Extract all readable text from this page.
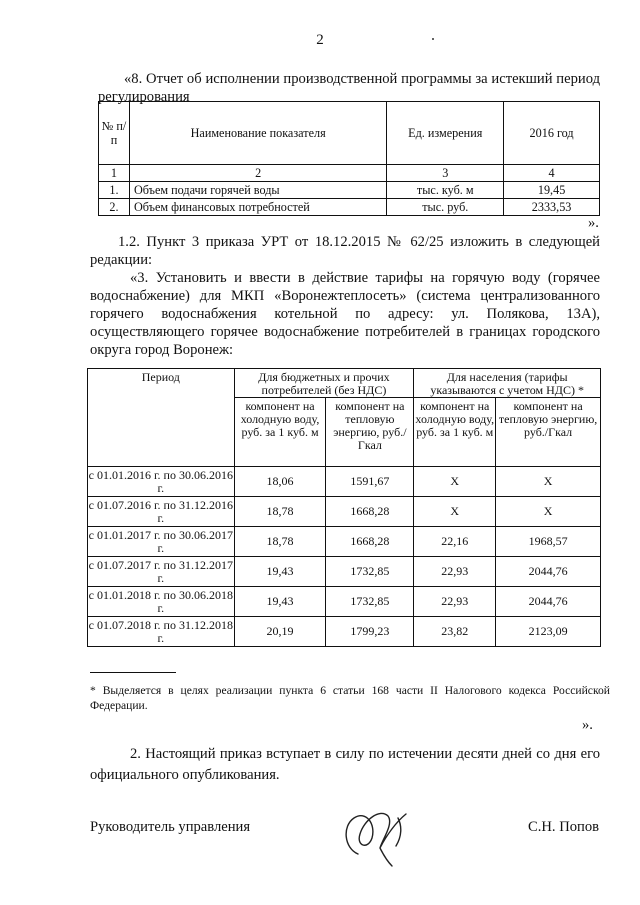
2
«8. Отчет об исполнении производственной программы за истекший период регулирования
№ п/п	Наименование показателя	Ед. измерения	2016 год
1	2	3	4
1.	Объем подачи горячей воды	тыс. куб. м	19,45
2.	Объем финансовых потребностей	тыс. руб.	2333,53
».
1.2. Пункт 3 приказа УРТ от 18.12.2015 № 62/25 изложить в следующей редакции:
«3. Установить и ввести в действие тарифы на горячую воду (горячее водоснабжение) для МКП «Воронежтеплосеть» (система централизованного горячего водоснабжения котельной по адресу: ул. Полякова, 13А), осуществляющего горячее водоснабжение потребителей в границах городского округа город Воронеж:
Период	Для бюджетных и прочих потребителей (без НДС)		Для населения (тарифы указываются с учетом НДС) *	
	компонент на холодную воду, руб. за 1 куб. м	компонент на тепловую энергию, руб./Гкал	компонент на холодную воду, руб. за 1 куб. м	компонент на тепловую энергию, руб./Гкал
с 01.01.2016 г. по 30.06.2016 г.	18,06	1591,67	X	X
с 01.07.2016 г. по 31.12.2016 г.	18,78	1668,28	X	X
с 01.01.2017 г. по 30.06.2017 г.	18,78	1668,28	22,16	1968,57
с 01.07.2017 г. по 31.12.2017 г.	19,43	1732,85	22,93	2044,76
с 01.01.2018 г. по 30.06.2018 г.	19,43	1732,85	22,93	2044,76
с 01.07.2018 г. по 31.12.2018 г.	20,19	1799,23	23,82	2123,09
* Выделяется в целях реализации пункта 6 статьи 168 части II Налогового кодекса Российской Федерации.
».
2. Настоящий приказ вступает в силу по истечении десяти дней со дня его официального опубликования.
Руководитель управления	С.Н. Попов
